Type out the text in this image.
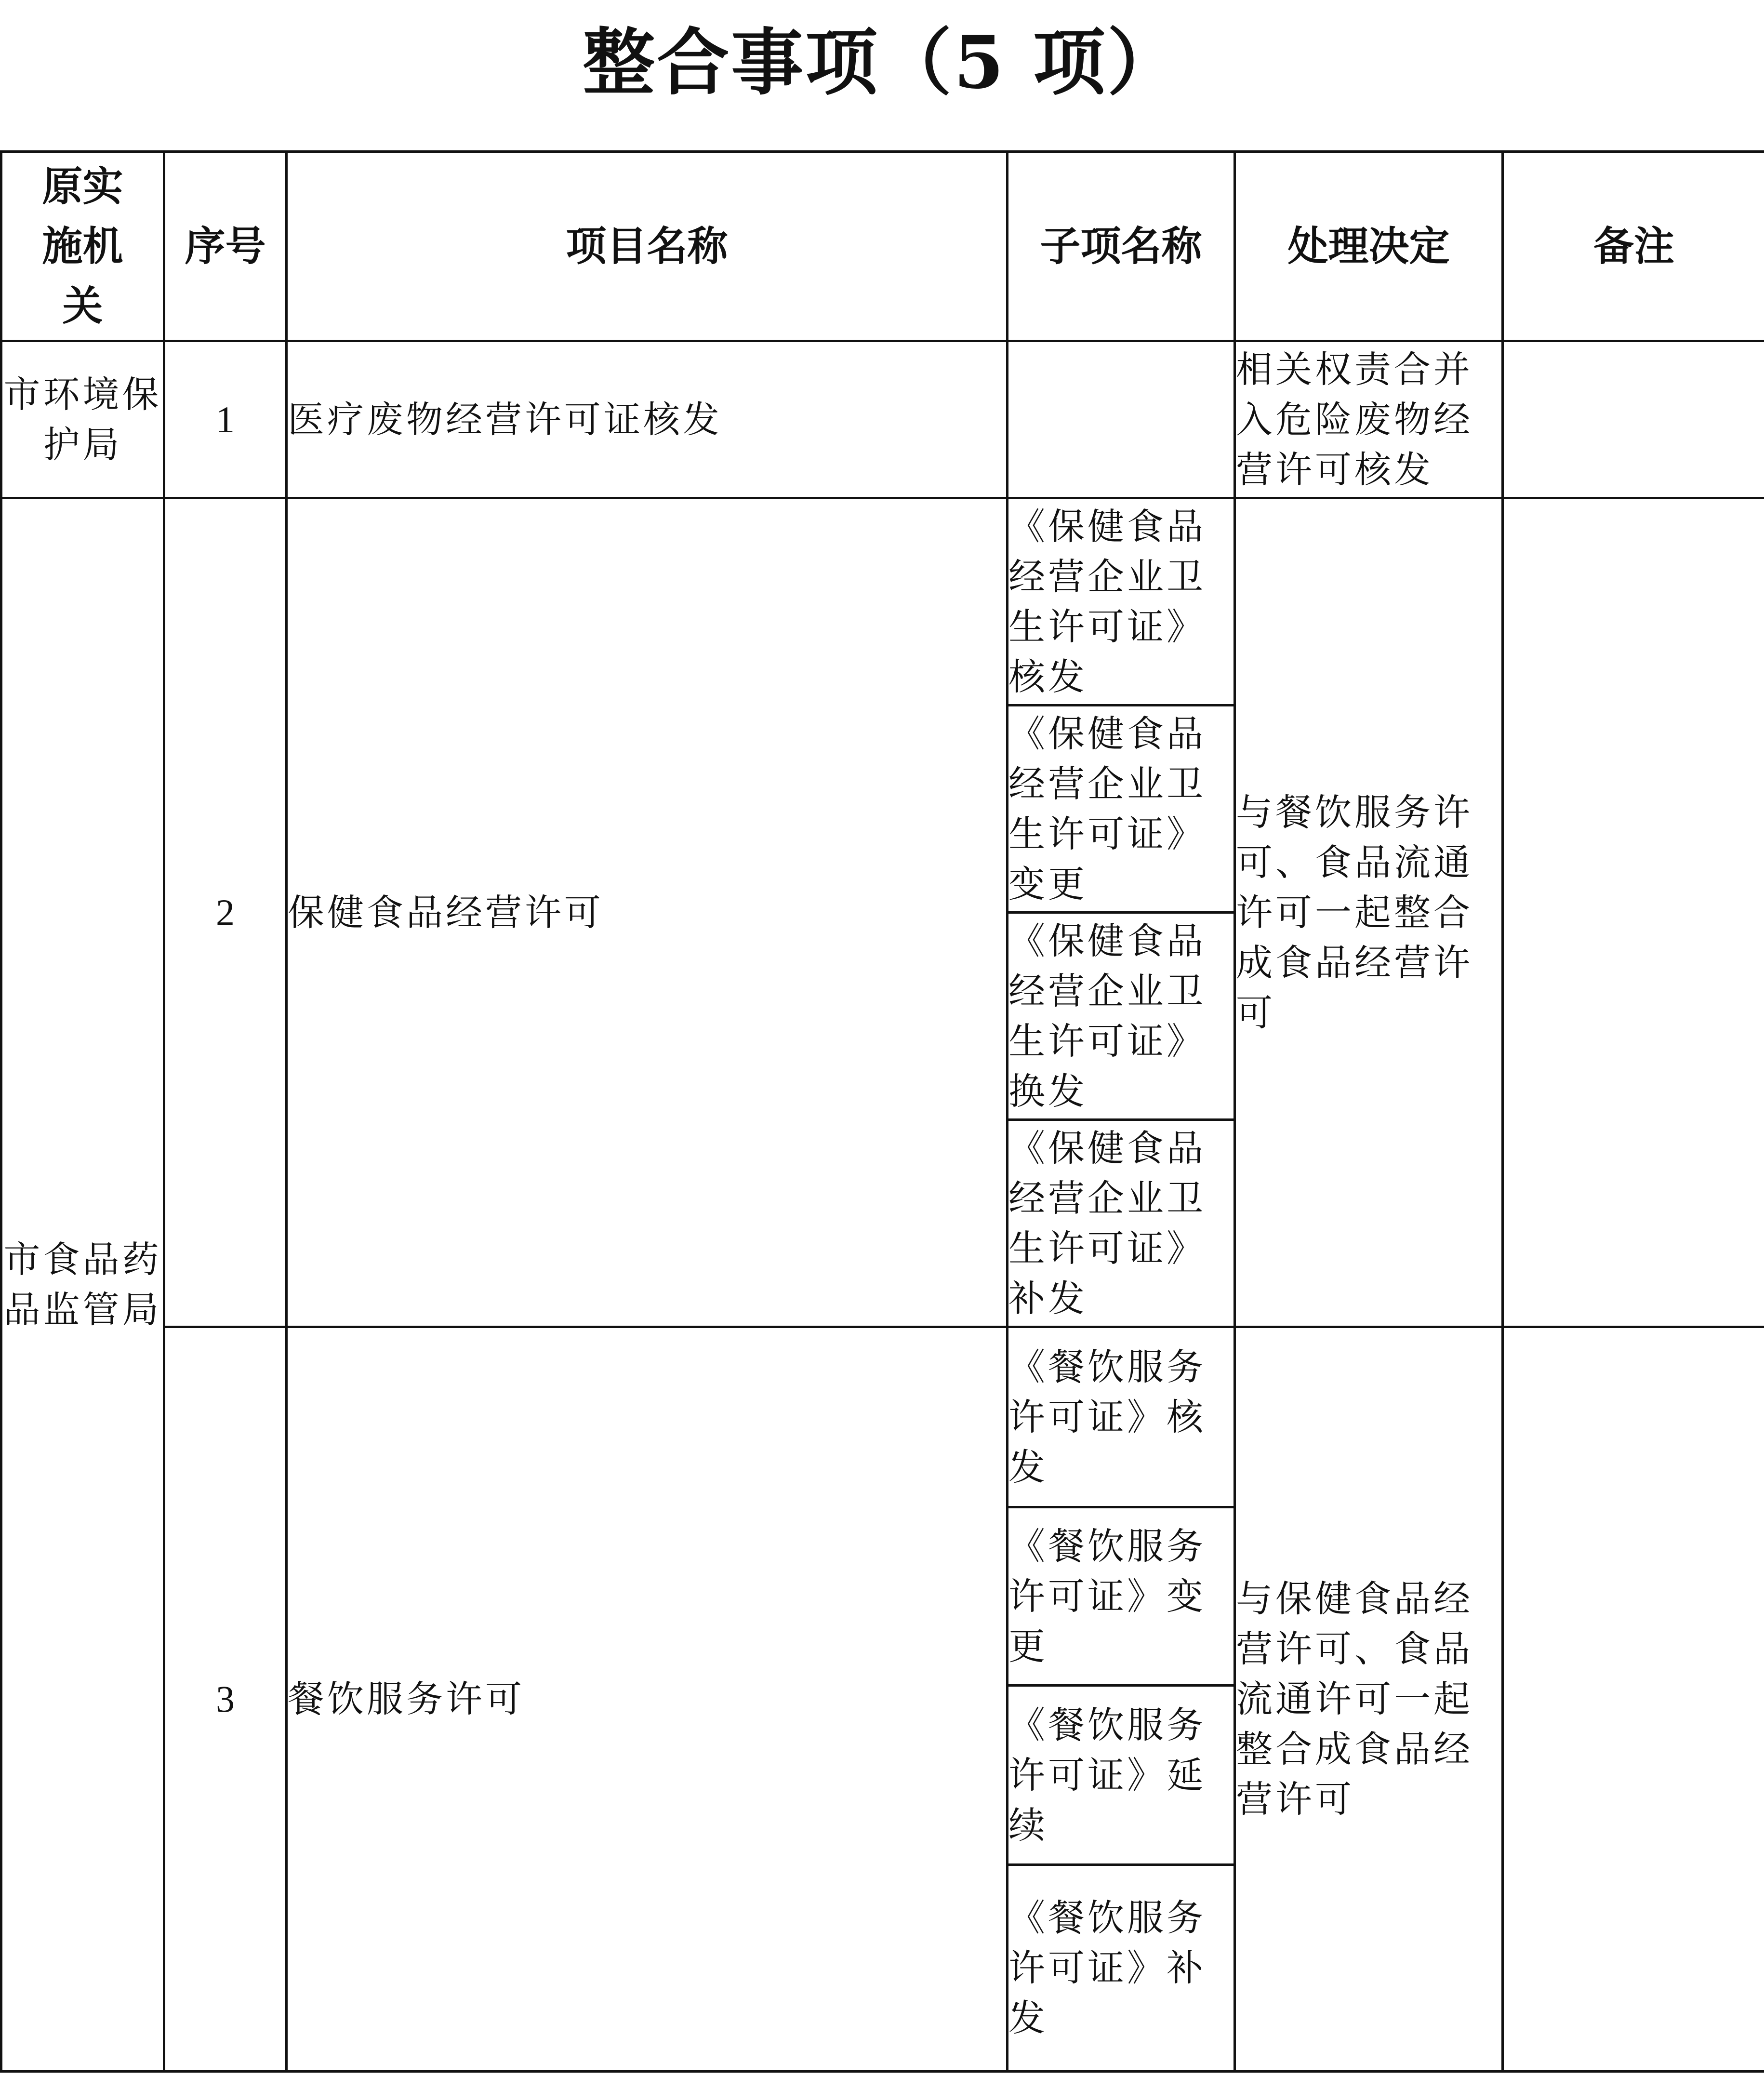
整合事项（5 项）
原实施机关	序号	项目名称	子项名称	处理决定	备注
市环境保护局	1	医疗废物经营许可证核发		相关权责合并入危险废物经营许可核发	
市食品药品监管局	2	保健食品经营许可	《保健食品经营企业卫生许可证》核发	与餐饮服务许可、食品流通许可一起整合成食品经营许可	
			《保健食品经营企业卫生许可证》变更		
			《保健食品经营企业卫生许可证》换发		
			《保健食品经营企业卫生许可证》补发		
	3	餐饮服务许可	《餐饮服务许可证》核发	与保健食品经营许可、食品流通许可一起整合成食品经营许可	
			《餐饮服务许可证》变更		
			《餐饮服务许可证》延续		
			《餐饮服务许可证》补发		
